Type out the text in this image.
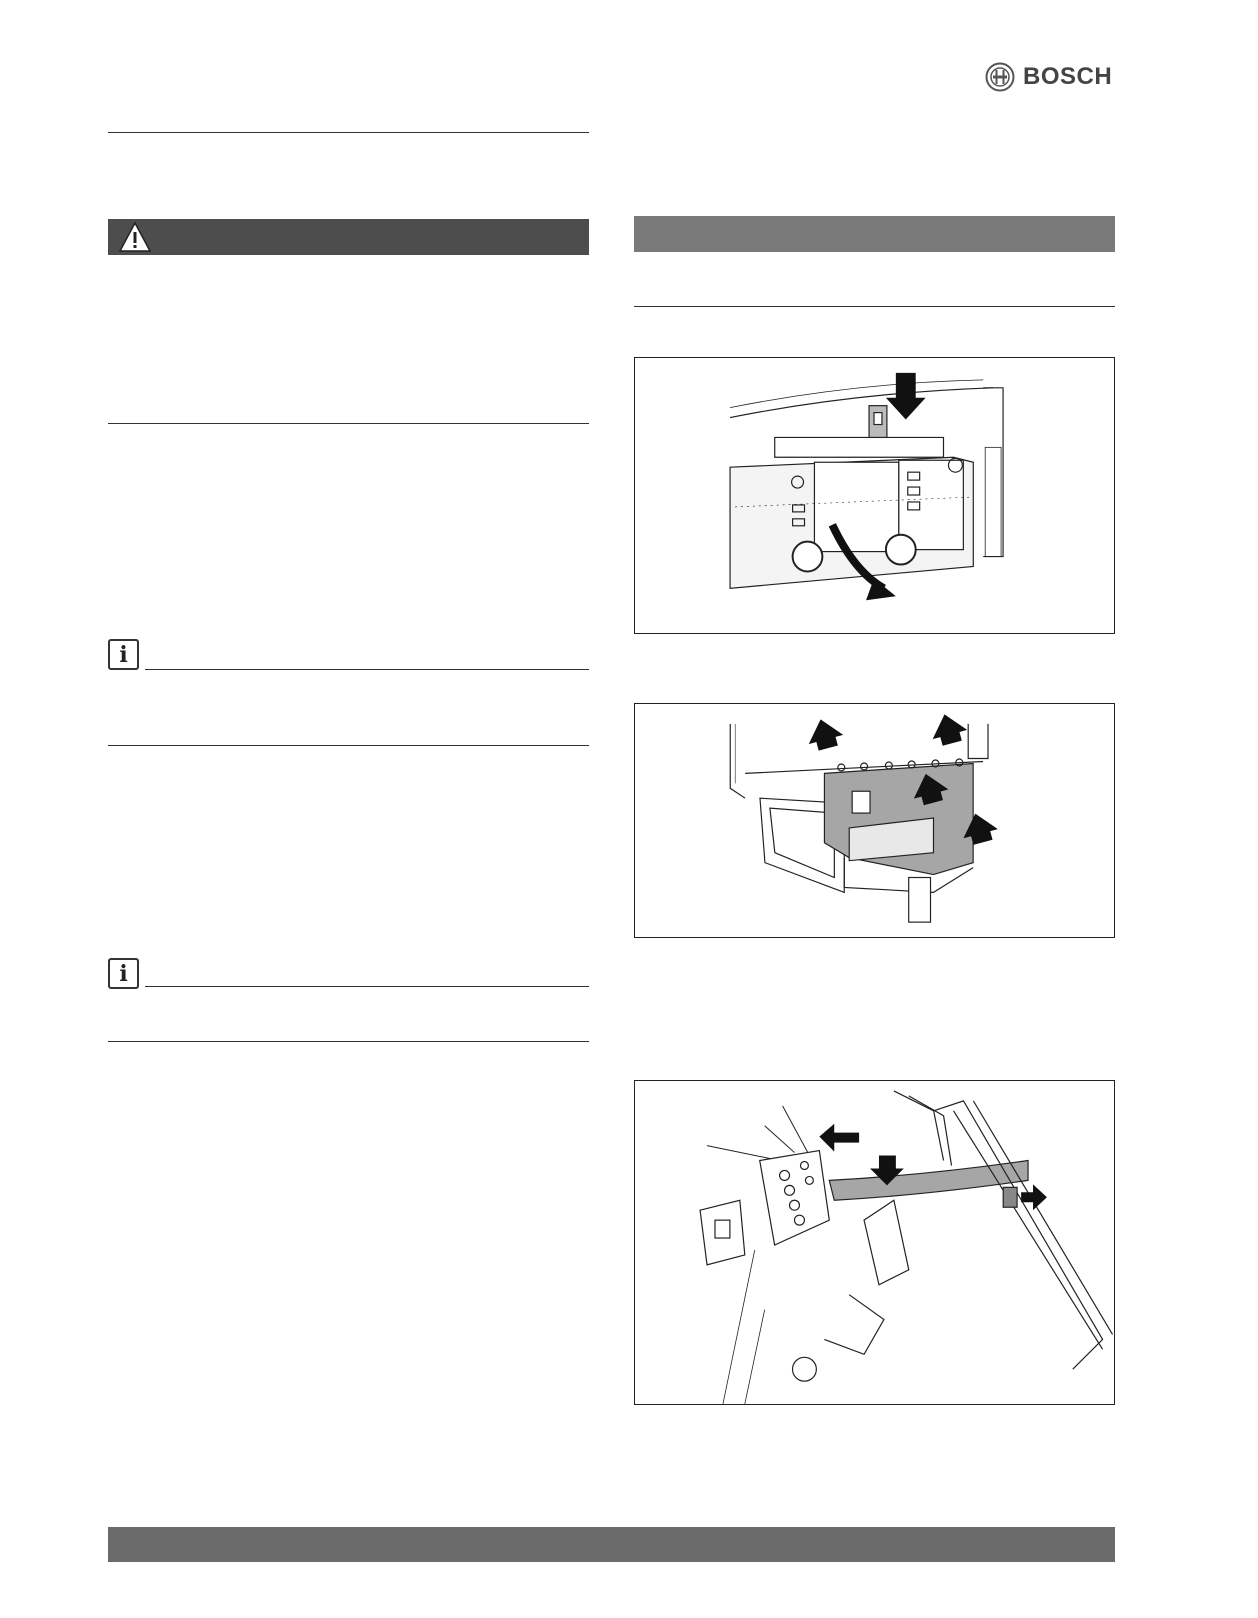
BOSCH
i
i
